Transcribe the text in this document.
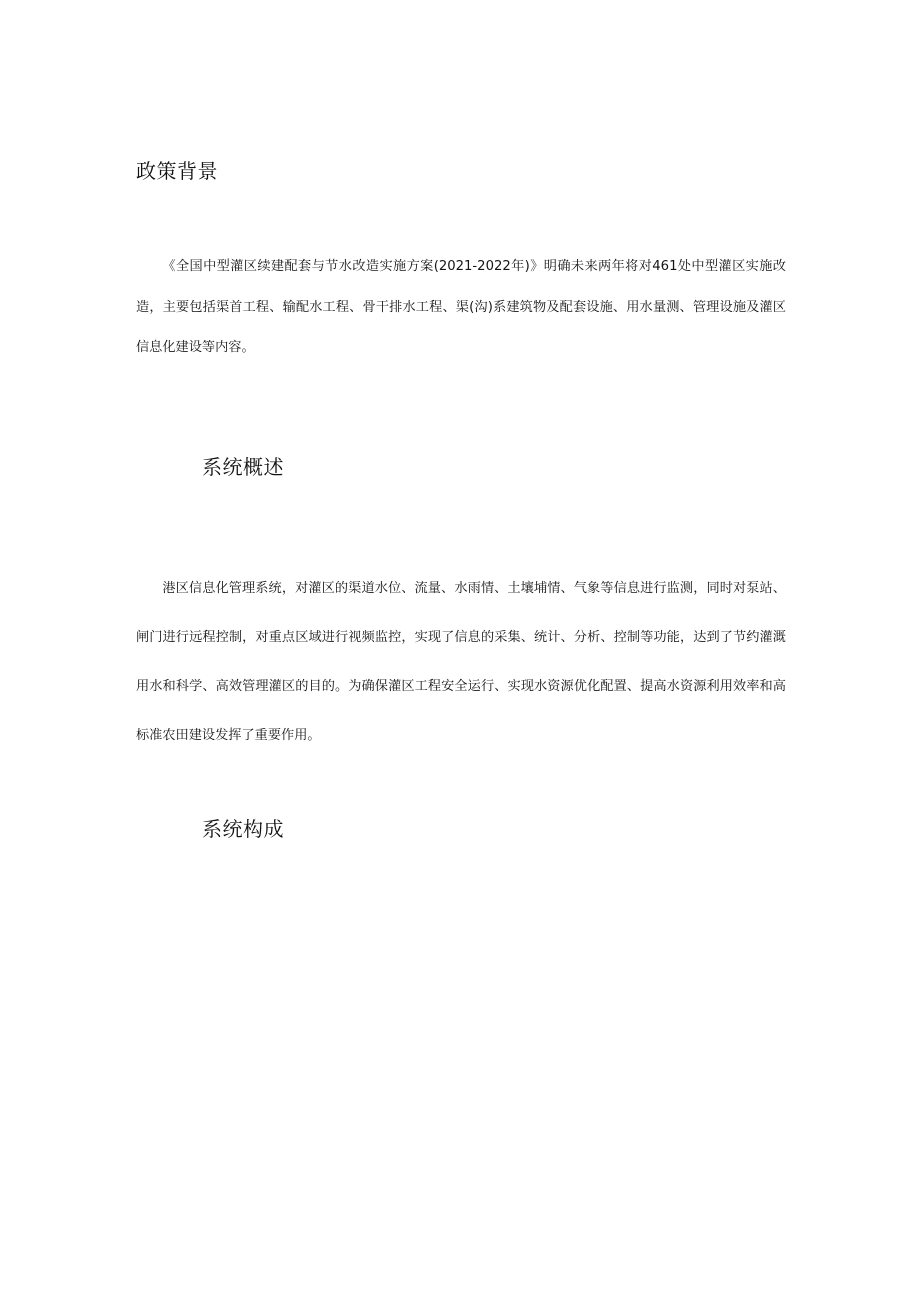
政策背景

《全国中型灌区续建配套与节水改造实施方案(2021-2022年)》明确未来两年将对461处中型灌区实施改造，主要包括渠首工程、输配水工程、骨干排水工程、渠(沟)系建筑物及配套设施、用水量测、管理设施及灌区信息化建设等内容。

系统概述

港区信息化管理系统，对灌区的渠道水位、流量、水雨情、土壤埔情、气象等信息进行监测，同时对泵站、闸门进行远程控制，对重点区域进行视频监控，实现了信息的采集、统计、分析、控制等功能，达到了节约灌溉用水和科学、高效管理灌区的目的。为确保灌区工程安全运行、实现水资源优化配置、提高水资源利用效率和高标准农田建设发挥了重要作用。

系统构成
